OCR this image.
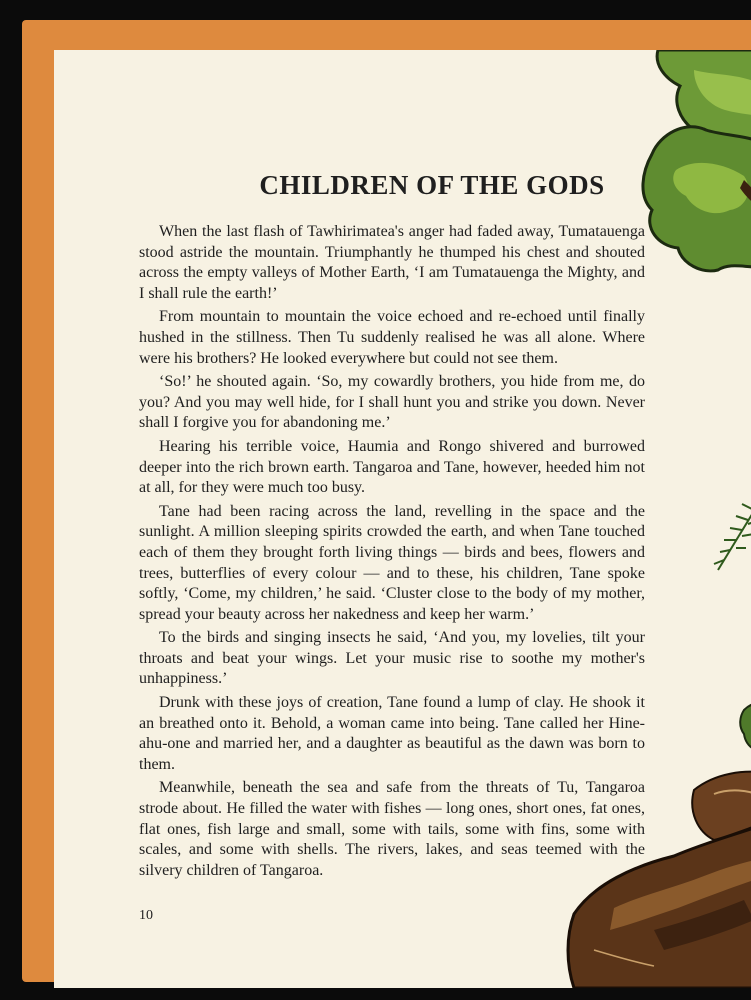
CHILDREN OF THE GODS

When the last flash of Tawhirimatea's anger had faded away, Tumatauenga stood astride the mountain. Triumphantly he thumped his chest and shouted across the empty valleys of Mother Earth, ‘I am Tumatauenga the Mighty, and I shall rule the earth!’

From mountain to mountain the voice echoed and re-echoed until finally hushed in the stillness. Then Tu suddenly realised he was all alone. Where were his brothers? He looked everywhere but could not see them.

‘So!’ he shouted again. ‘So, my cowardly brothers, you hide from me, do you? And you may well hide, for I shall hunt you and strike you down. Never shall I forgive you for abandoning me.’

Hearing his terrible voice, Haumia and Rongo shivered and burrowed deeper into the rich brown earth. Tangaroa and Tane, however, heeded him not at all, for they were much too busy.

Tane had been racing across the land, revelling in the space and the sunlight. A million sleeping spirits crowded the earth, and when Tane touched each of them they brought forth living things — birds and bees, flowers and trees, butterflies of every colour — and to these, his children, Tane spoke softly, ‘Come, my children,’ he said. ‘Cluster close to the body of my mother, spread your beauty across her nakedness and keep her warm.’

To the birds and singing insects he said, ‘And you, my lovelies, tilt your throats and beat your wings. Let your music rise to soothe my mother's unhappiness.’

Drunk with these joys of creation, Tane found a lump of clay. He shook it an breathed onto it. Behold, a woman came into being. Tane called her Hine-ahu-one and married her, and a daughter as beautiful as the dawn was born to them.

Meanwhile, beneath the sea and safe from the threats of Tu, Tangaroa strode about. He filled the water with fishes — long ones, short ones, fat ones, flat ones, fish large and small, some with tails, some with fins, some with scales, and some with shells. The rivers, lakes, and seas teemed with the silvery children of Tangaroa.

10
